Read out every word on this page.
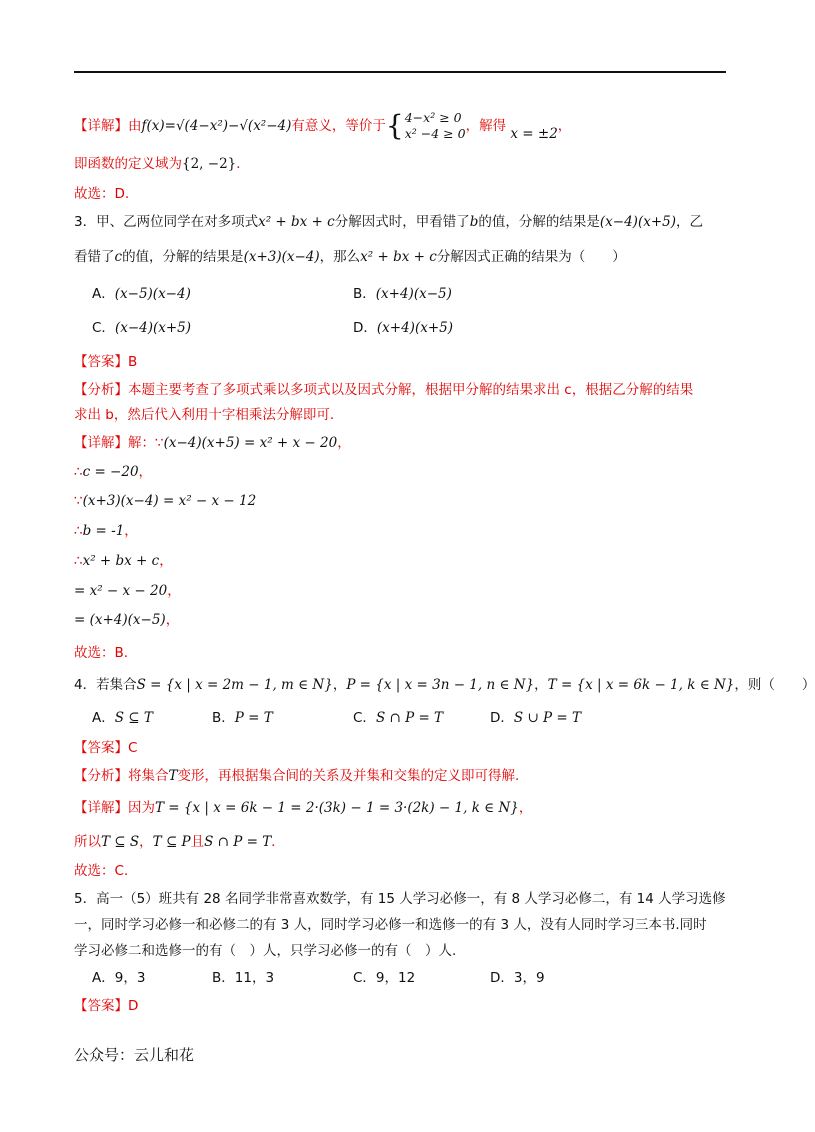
【详解】由f(x)=√(4−x²)−√(x²−4)有意义，等价于{4−x² ≥ 0
x² −4 ≥ 0，解得 x = ±2，
即函数的定义域为{2, −2}．
故选：D.
3．甲、乙两位同学在对多项式x² + bx + c分解因式时，甲看错了b的值，分解的结果是(x−4)(x+5)，乙
看错了c的值，分解的结果是(x+3)(x−4)，那么x² + bx + c分解因式正确的结果为（　　）
A．(x−5)(x−4)	B．(x+4)(x−5)
C．(x−4)(x+5)	D．(x+4)(x+5)
【答案】B
【分析】本题主要考查了多项式乘以多项式以及因式分解，根据甲分解的结果求出 c，根据乙分解的结果
求出 b，然后代入利用十字相乘法分解即可.
【详解】解：∵(x−4)(x+5) = x² + x − 20，
∴c = −20，
∵(x+3)(x−4) = x² − x − 12
∴b = -1，
∴x² + bx + c，
= x² − x − 20，
= (x+4)(x−5)，
故选：B.
4．若集合S = {x | x = 2m − 1, m ∈ N}，P = {x | x = 3n − 1, n ∈ N}，T = {x | x = 6k − 1, k ∈ N}，则（　　）
A．S ⊆ T	B．P = T	C．S ∩ P = T	D．S ∪ P = T
【答案】C
【分析】将集合T变形，再根据集合间的关系及并集和交集的定义即可得解.
【详解】因为T = {x | x = 6k − 1 = 2·(3k) − 1 = 3·(2k) − 1, k ∈ N}，
所以T ⊆ S，T ⊆ P且S ∩ P = T．
故选：C.
5．高一（5）班共有 28 名同学非常喜欢数学，有 15 人学习必修一，有 8 人学习必修二，有 14 人学习选修
一，同时学习必修一和必修二的有 3 人，同时学习必修一和选修一的有 3 人，没有人同时学习三本书.同时
学习必修二和选修一的有（　）人，只学习必修一的有（　）人.
A．9，3	B．11，3	C．9，12	D．3，9
【答案】D
公众号：云儿和花
